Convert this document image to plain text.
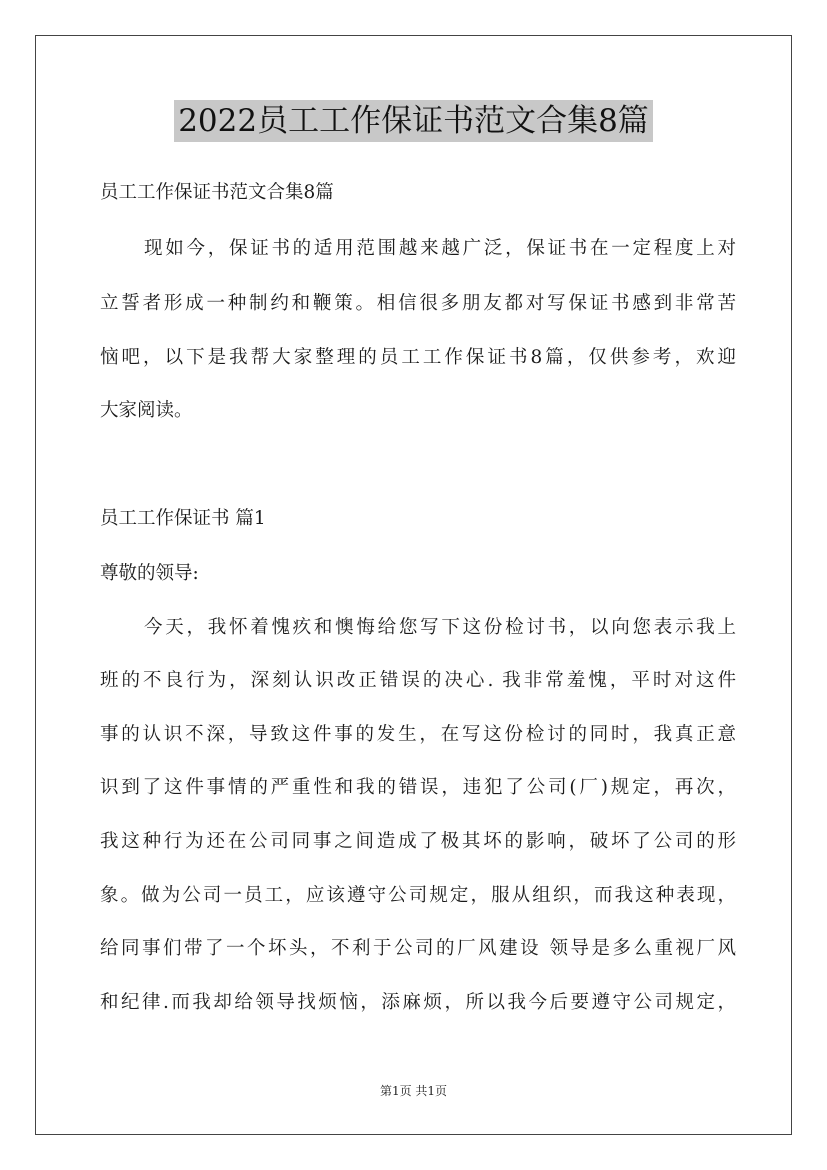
2022员工工作保证书范文合集8篇
员工工作保证书范文合集8篇
现如今，保证书的适用范围越来越广泛，保证书在一定程度上对
立誓者形成一种制约和鞭策。相信很多朋友都对写保证书感到非常苦
恼吧，以下是我帮大家整理的员工工作保证书8篇，仅供参考，欢迎
大家阅读。
员工工作保证书 篇1
尊敬的领导:
今天，我怀着愧疚和懊悔给您写下这份检讨书，以向您表示我上
班的不良行为，深刻认识改正错误的决心. 我非常羞愧，平时对这件
事的认识不深，导致这件事的发生，在写这份检讨的同时，我真正意
识到了这件事情的严重性和我的错误，违犯了公司(厂)规定，再次，
我这种行为还在公司同事之间造成了极其坏的影响，破坏了公司的形
象。做为公司一员工，应该遵守公司规定，服从组织，而我这种表现，
给同事们带了一个坏头，不利于公司的厂风建设 领导是多么重视厂风
和纪律.而我却给领导找烦恼，添麻烦，所以我今后要遵守公司规定，
第1页 共1页
